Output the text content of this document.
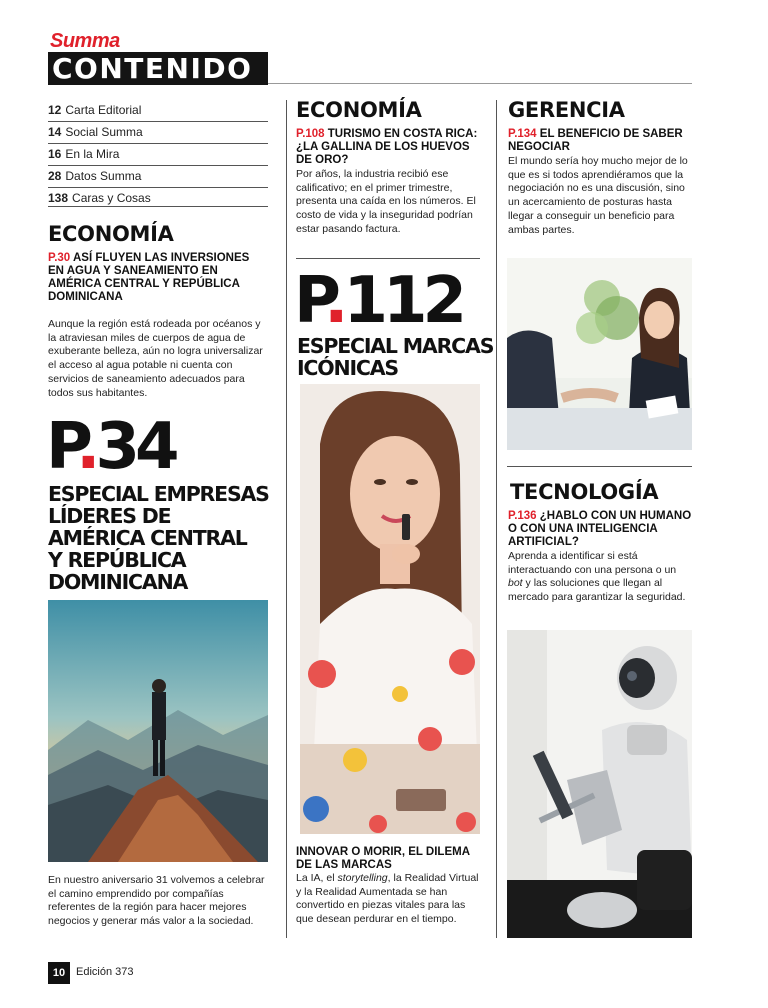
Summa
CONTENIDO
12 Carta Editorial
14 Social Summa
16 En la Mira
28 Datos Summa
138 Caras y Cosas
ECONOMÍA
P.30 ASÍ FLUYEN LAS INVERSIONES EN AGUA Y SANEAMIENTO EN AMÉRICA CENTRAL Y REPÚBLICA DOMINICANA
Aunque la región está rodeada por océanos y la atraviesan miles de cuerpos de agua de exuberante belleza, aún no logra universalizar el acceso al agua potable ni cuenta con servicios de saneamiento adecuados para todos sus habitantes.
P.34
ESPECIAL EMPRESAS
LÍDERES DE
AMÉRICA CENTRAL
Y REPÚBLICA
DOMINICANA
En nuestro aniversario 31 volvemos a celebrar el camino emprendido por compañías referentes de la región para hacer mejores negocios y generar más valor a la sociedad.
ECONOMÍA
P.108 TURISMO EN COSTA RICA: ¿LA GALLINA DE LOS HUEVOS DE ORO?
Por años, la industria recibió ese calificativo; en el primer trimestre, presenta una caída en los números. El costo de vida y la inseguridad podrían estar pasando factura.
P.112
ESPECIAL MARCAS
ICÓNICAS
INNOVAR O MORIR, EL DILEMA DE LAS MARCAS
La IA, el storytelling, la Realidad Virtual y la Realidad Aumentada se han convertido en piezas vitales para las que desean perdurar en el tiempo.
GERENCIA
P.134 EL BENEFICIO DE SABER NEGOCIAR
El mundo sería hoy mucho mejor de lo que es si todos aprendiéramos que la negociación no es una discusión, sino un acercamiento de posturas hasta llegar a conseguir un beneficio para ambas partes.
TECNOLOGÍA
P.136 ¿HABLO CON UN HUMANO O CON UNA INTELIGENCIA ARTIFICIAL?
Aprenda a identificar si está interactuando con una persona o un bot y las soluciones que llegan al mercado para garantizar la seguridad.
10 Edición 373
